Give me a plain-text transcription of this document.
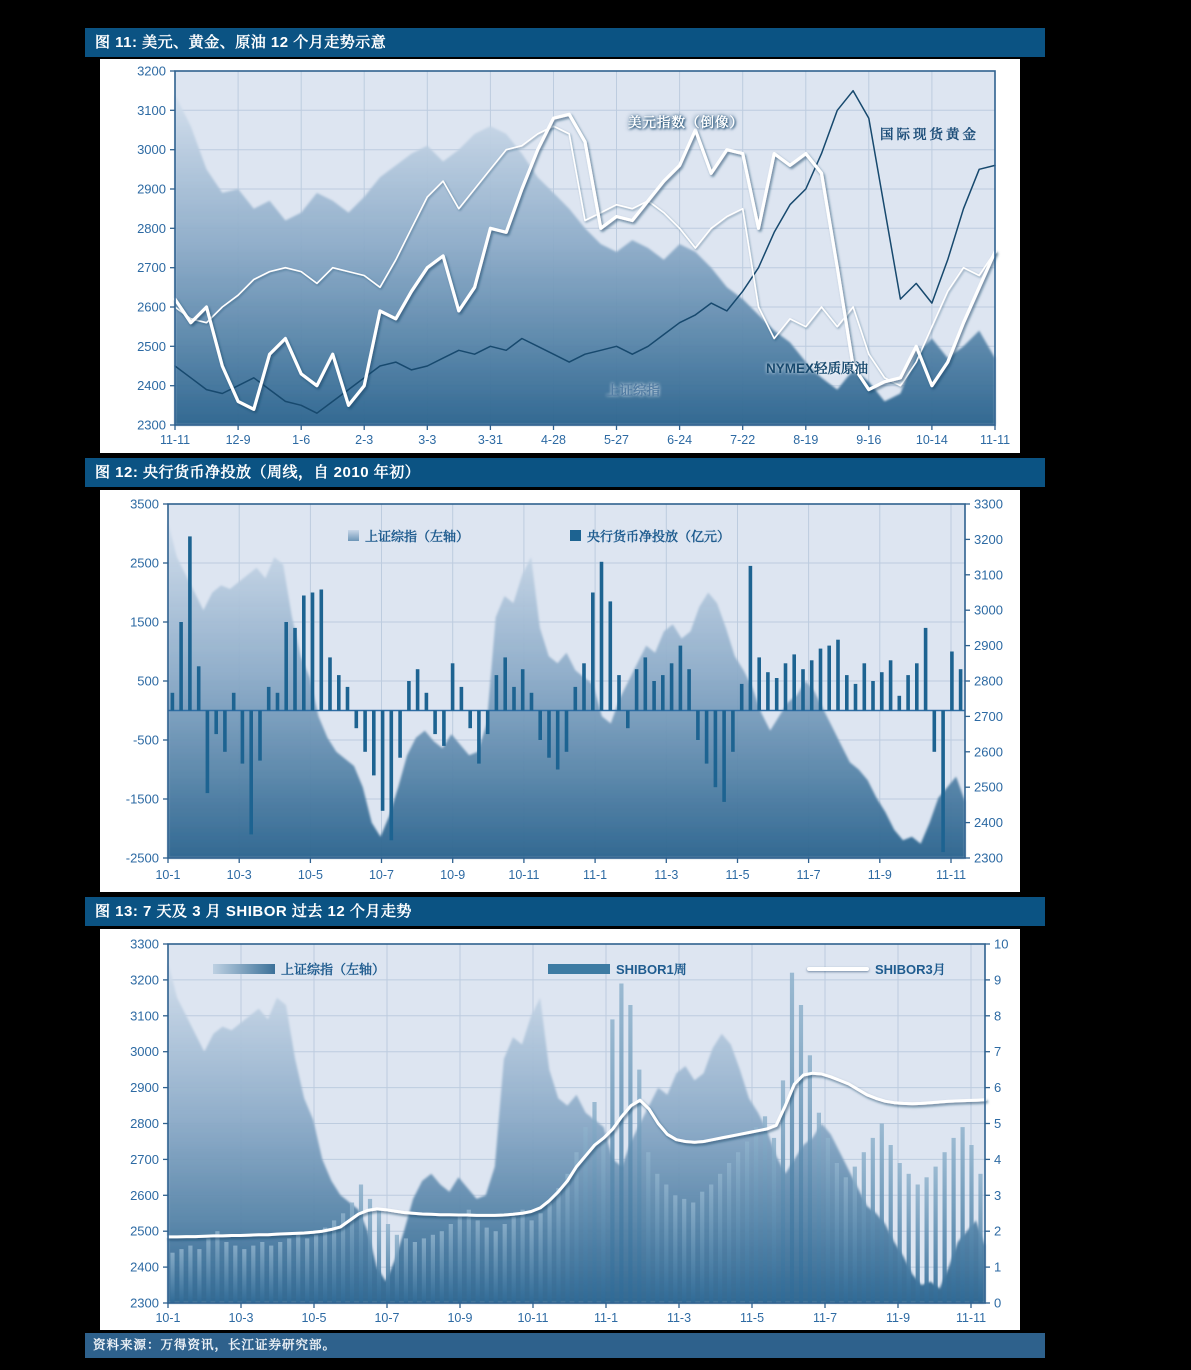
图 11: 美元、黄金、原油 12 个月走势示意
3200
3100
3000
2900
2800
2700
2600
2500
2400
2300
11-11	12-9	1-6	2-3	3-3	3-31	4-28	5-27	6-24	7-22	8-19	9-16	10-14	11-11
美元指数（倒像）
国际现货黄金
NYMEX轻质原油
上证综指
图 12: 央行货币净投放（周线，自 2010 年初）
3500
2500
1500
500
-500
-1500
-2500
3300
3200
3100
3000
2900
2800
2700
2600
2500
2400
2300
10-1	10-3	10-5	10-7	10-9	10-11	11-1	11-3	11-5	11-7	11-9	11-11
上证综指（左轴）	央行货币净投放（亿元）
图 13: 7 天及 3 月 SHIBOR 过去 12 个月走势
3300
3200
3100
3000
2900
2800
2700
2600
2500
2400
2300
10
9
8
7
6
5
4
3
2
1
0
10-1	10-3	10-5	10-7	10-9	10-11	11-1	11-3	11-5	11-7	11-9	11-11
上证综指（左轴）	SHIBOR1周	SHIBOR3月
资料来源：万得资讯，长江证券研究部。
